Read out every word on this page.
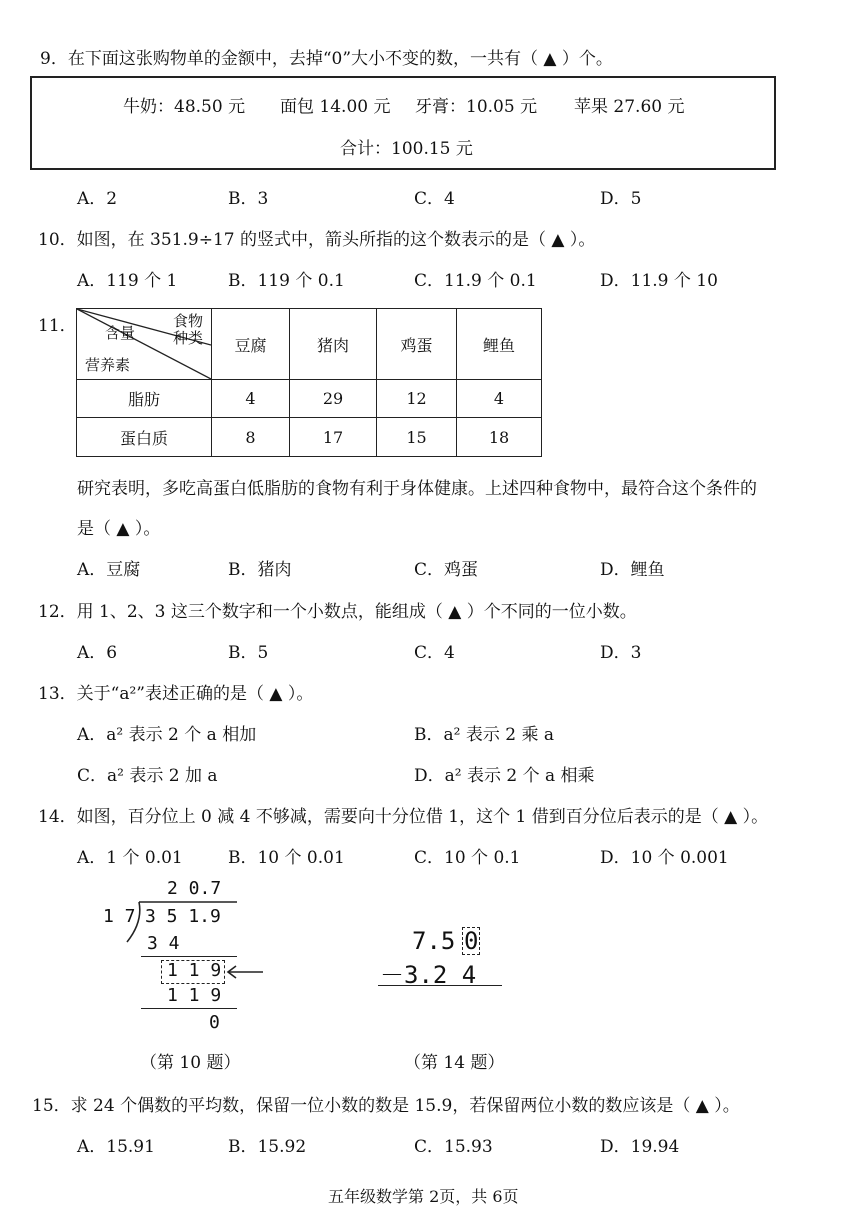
9．在下面这张购物单的金额中，去掉“0”大小不变的数，一共有（ ▲ ）个。
牛奶：48.50 元 面包 14.00 元 牙膏：10.05 元 苹果 27.60 元
合计：100.15 元
A．2	B．3	C．4	D．5
10．如图，在 351.9÷17 的竖式中，箭头所指的这个数表示的是（ ▲ ）。
A．119 个 1	B．119 个 0.1	C．11.9 个 0.1	D．11.9 个 10
11．	食物
种类
含量
营养素	豆腐	猪肉	鸡蛋	鲤鱼
脂肪	4	29	12	4
蛋白质	8	17	15	18
研究表明，多吃高蛋白低脂肪的食物有利于身体健康。上述四种食物中，最符合这个条件的
是（ ▲ ）。
A．豆腐	B．猪肉	C．鸡蛋	D．鲤鱼
12．用 1、2、3 这三个数字和一个小数点，能组成（ ▲ ）个不同的一位小数。
A．6	B．5	C．4	D．3
13．关于“a²”表述正确的是（ ▲ ）。
A．a² 表示 2 个 a 相加	B．a² 表示 2 乘 a
C．a² 表示 2 加 a	D．a² 表示 2 个 a 相乘
14．如图，百分位上 0 减 4 不够减，需要向十分位借 1，这个 1 借到百分位后表示的是（ ▲ ）。
A．1 个 0.01	B．10 个 0.01	C．10 个 0.1	D．10 个 0.001
2 0.7
1 7 3 5 1.9
3 4
1 1 9
1 1 9
0
（第 10 题）
7.5 0
－3.2 4
（第 14 题）
15．求 24 个偶数的平均数，保留一位小数的数是 15.9，若保留两位小数的数应该是（ ▲ ）。
A．15.91	B．15.92	C．15.93	D．19.94
五年级数学第 2页，共 6页
